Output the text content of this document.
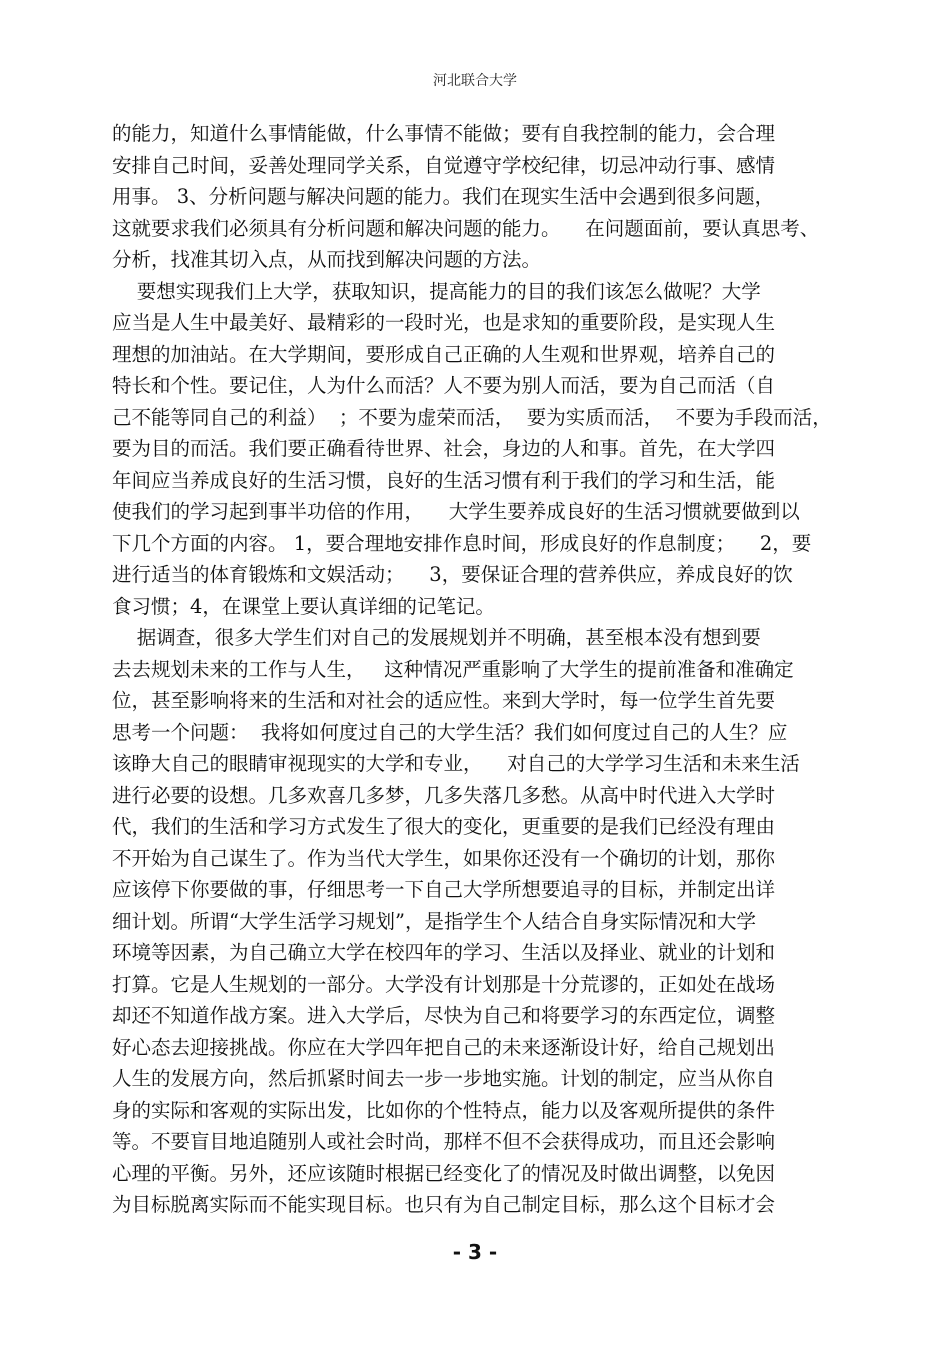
河北联合大学
的能力，知道什么事情能做，什么事情不能做；要有自我控制的能力，会合理
安排自己时间，妥善处理同学关系，自觉遵守学校纪律，切忌冲动行事、感情
用事。 3、分析问题与解决问题的能力。我们在现实生活中会遇到很多问题，
这就要求我们必须具有分析问题和解决问题的能力。    在问题面前，要认真思考、
分析，找准其切入点，从而找到解决问题的方法。
要想实现我们上大学，获取知识，提高能力的目的我们该怎么做呢？大学
应当是人生中最美好、最精彩的一段时光，也是求知的重要阶段，是实现人生
理想的加油站。在大学期间，要形成自己正确的人生观和世界观，培养自己的
特长和个性。要记住，人为什么而活？人不要为别人而活，要为自己而活（自
己不能等同自己的利益）  ；不要为虚荣而活，  要为实质而活，  不要为手段而活，
要为目的而活。我们要正确看待世界、社会，身边的人和事。首先，在大学四
年间应当养成良好的生活习惯，良好的生活习惯有利于我们的学习和生活，能
使我们的学习起到事半功倍的作用，    大学生要养成良好的生活习惯就要做到以
下几个方面的内容。 1，要合理地安排作息时间，形成良好的作息制度；    2，要
进行适当的体育锻炼和文娱活动；    3，要保证合理的营养供应，养成良好的饮
食习惯；4，在课堂上要认真详细的记笔记。
据调查，很多大学生们对自己的发展规划并不明确，甚至根本没有想到要
去去规划未来的工作与人生，   这种情况严重影响了大学生的提前准备和准确定
位，甚至影响将来的生活和对社会的适应性。来到大学时，每一位学生首先要
思考一个问题：  我将如何度过自己的大学生活？我们如何度过自己的人生？应
该睁大自己的眼睛审视现实的大学和专业，    对自己的大学学习生活和未来生活
进行必要的设想。几多欢喜几多梦，几多失落几多愁。从高中时代进入大学时
代，我们的生活和学习方式发生了很大的变化，更重要的是我们已经没有理由
不开始为自己谋生了。作为当代大学生，如果你还没有一个确切的计划，那你
应该停下你要做的事，仔细思考一下自己大学所想要追寻的目标，并制定出详
细计划。所谓“大学生活学习规划”，是指学生个人结合自身实际情况和大学
环境等因素，为自己确立大学在校四年的学习、生活以及择业、就业的计划和
打算。它是人生规划的一部分。大学没有计划那是十分荒谬的，正如处在战场
却还不知道作战方案。进入大学后，尽快为自己和将要学习的东西定位，调整
好心态去迎接挑战。你应在大学四年把自己的未来逐渐设计好，给自己规划出
人生的发展方向，然后抓紧时间去一步一步地实施。计划的制定，应当从你自
身的实际和客观的实际出发，比如你的个性特点，能力以及客观所提供的条件
等。不要盲目地追随别人或社会时尚，那样不但不会获得成功，而且还会影响
心理的平衡。另外，还应该随时根据已经变化了的情况及时做出调整，以免因
为目标脱离实际而不能实现目标。也只有为自己制定目标，那么这个目标才会
- 3 -
